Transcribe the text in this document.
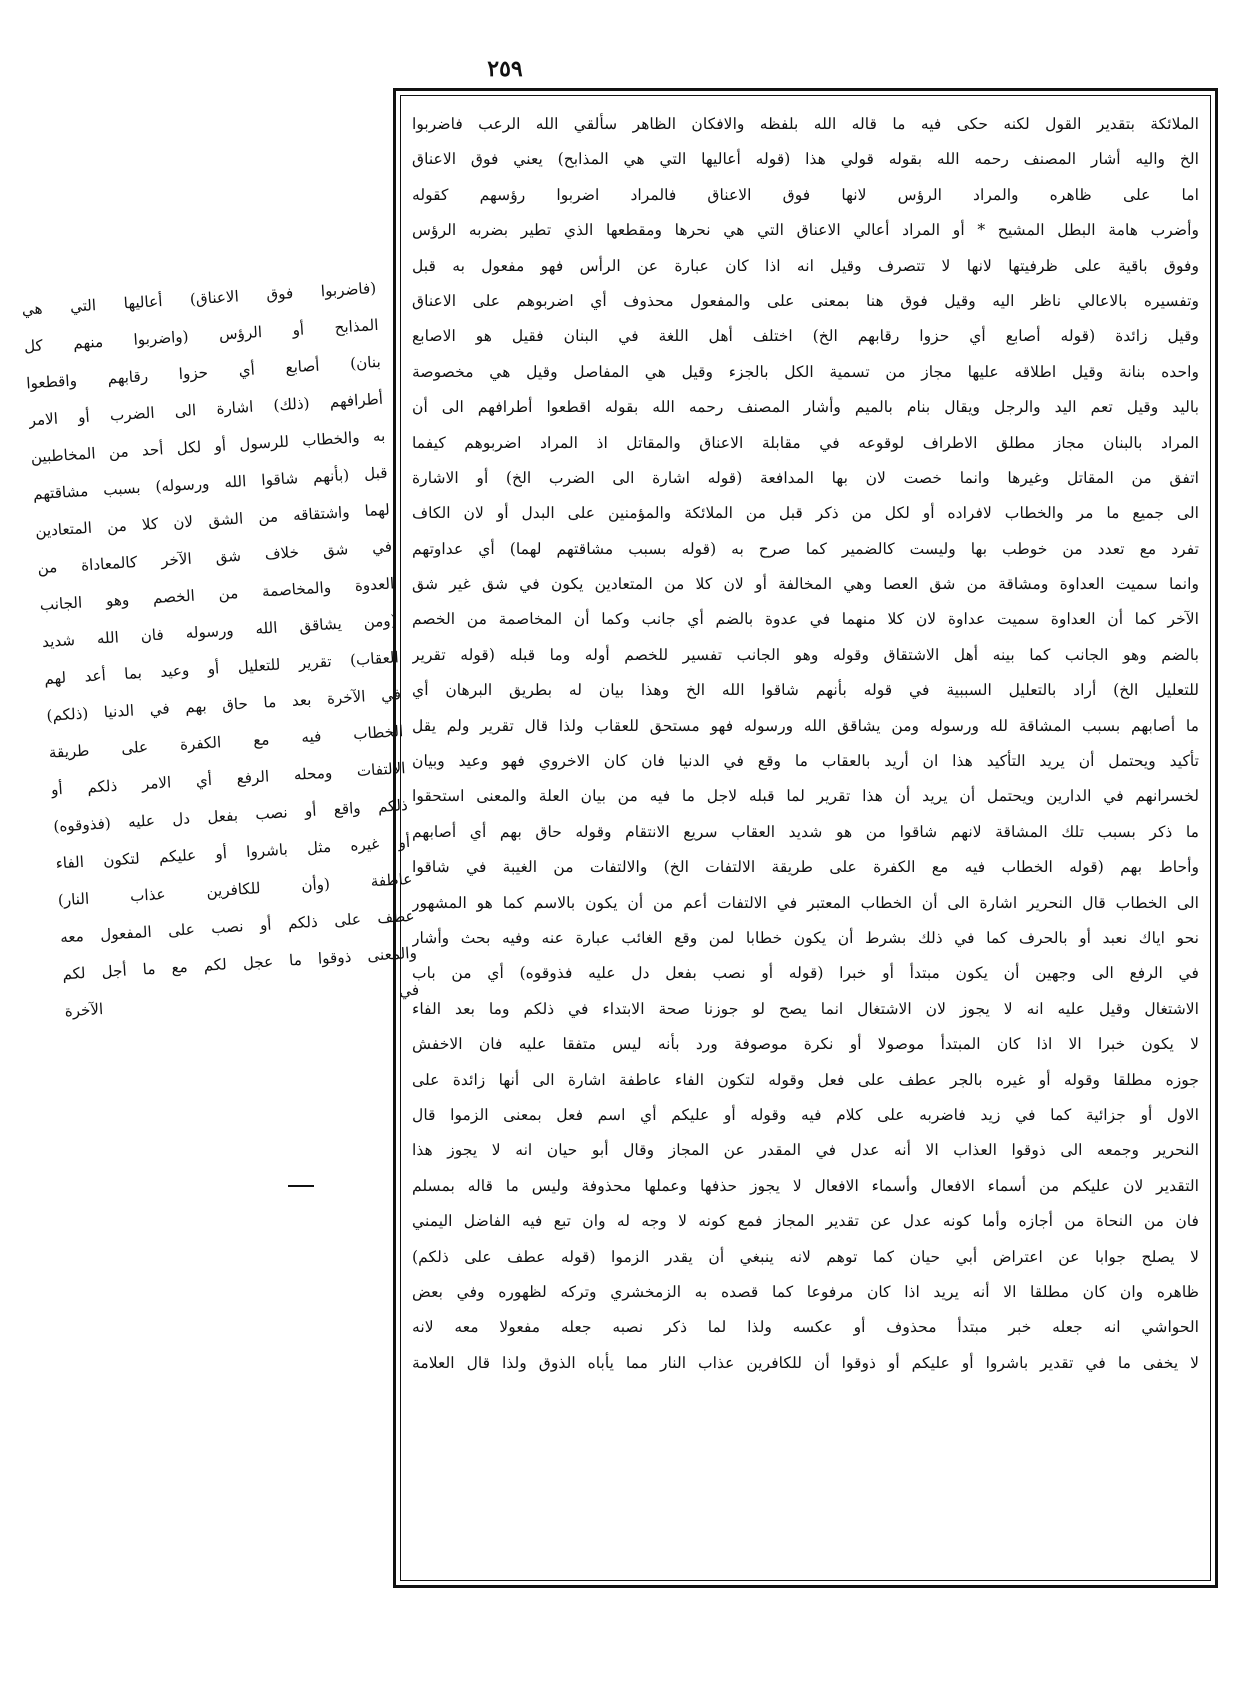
٢٥٩
الملائكة بتقدير القول لكنه حكى فيه ما قاله الله بلفظه والافكان الظاهر سألقي الله الرعب فاضربوا
الخ واليه أشار المصنف رحمه الله بقوله قولي هذا (قوله أعاليها التي هي المذابح) يعني فوق الاعناق
اما على ظاهره والمراد الرؤس لانها فوق الاعناق فالمراد اضربوا رؤسهم كقوله
وأضرب هامة البطل المشيح * أو المراد أعالي الاعناق التي هي نحرها ومقطعها الذي تطير بضربه الرؤس
وفوق باقية على ظرفيتها لانها لا تتصرف وقيل انه اذا كان عبارة عن الرأس فهو مفعول به قبل
وتفسيره بالاعالي ناظر اليه وقيل فوق هنا بمعنى على والمفعول محذوف أي اضربوهم على الاعناق
وقيل زائدة (قوله أصابع أي حزوا رقابهم الخ) اختلف أهل اللغة في البنان فقيل هو الاصابع
واحده بنانة وقيل اطلاقه عليها مجاز من تسمية الكل بالجزء وقيل هي المفاصل وقيل هي مخصوصة
باليد وقيل تعم اليد والرجل ويقال بنام بالميم وأشار المصنف رحمه الله بقوله اقطعوا أطرافهم الى أن
المراد بالبنان مجاز مطلق الاطراف لوقوعه في مقابلة الاعناق والمقاتل اذ المراد اضربوهم كيفما
اتفق من المقاتل وغيرها وانما خصت لان بها المدافعة (قوله اشارة الى الضرب الخ) أو الاشارة
الى جميع ما مر والخطاب لافراده أو لكل من ذكر قبل من الملائكة والمؤمنين على البدل أو لان الكاف
تفرد مع تعدد من خوطب بها وليست كالضمير كما صرح به (قوله بسبب مشاقتهم لهما) أي عداوتهم
وانما سميت العداوة ومشاقة من شق العصا وهي المخالفة أو لان كلا من المتعادين يكون في شق غير شق
الآخر كما أن العداوة سميت عداوة لان كلا منهما في عدوة بالضم أي جانب وكما أن المخاصمة من الخصم
بالضم وهو الجانب كما بينه أهل الاشتقاق وقوله وهو الجانب تفسير للخصم أوله وما قبله (قوله تقرير
للتعليل الخ) أراد بالتعليل السببية في قوله بأنهم شاقوا الله الخ وهذا بيان له بطريق البرهان أي
ما أصابهم بسبب المشاقة لله ورسوله ومن يشاقق الله ورسوله فهو مستحق للعقاب ولذا قال تقرير ولم يقل
تأكيد ويحتمل أن يريد التأكيد هذا ان أريد بالعقاب ما وقع في الدنيا فان كان الاخروي فهو وعيد وبيان
لخسرانهم في الدارين ويحتمل أن يريد أن هذا تقرير لما قبله لاجل ما فيه من بيان العلة والمعنى استحقوا
ما ذكر بسبب تلك المشاقة لانهم شاقوا من هو شديد العقاب سريع الانتقام وقوله حاق بهم أي أصابهم
وأحاط بهم (قوله الخطاب فيه مع الكفرة على طريقة الالتفات الخ) والالتفات من الغيبة في شاقوا
الى الخطاب قال النحرير اشارة الى أن الخطاب المعتبر في الالتفات أعم من أن يكون بالاسم كما هو المشهور
نحو اياك نعبد أو بالحرف كما في ذلك بشرط أن يكون خطابا لمن وقع الغائب عبارة عنه وفيه بحث وأشار
في الرفع الى وجهين أن يكون مبتدأ أو خبرا (قوله أو نصب بفعل دل عليه فذوقوه) أي من باب
الاشتغال وقيل عليه انه لا يجوز لان الاشتغال انما يصح لو جوزنا صحة الابتداء في ذلكم وما بعد الفاء
لا يكون خبرا الا اذا كان المبتدأ موصولا أو نكرة موصوفة ورد بأنه ليس متفقا عليه فان الاخفش
جوزه مطلقا وقوله أو غيره بالجر عطف على فعل وقوله لتكون الفاء عاطفة اشارة الى أنها زائدة على
الاول أو جزائية كما في زيد فاضربه على كلام فيه وقوله أو عليكم أي اسم فعل بمعنى الزموا قال
النحرير وجمعه الى ذوقوا العذاب الا أنه عدل في المقدر عن المجاز وقال أبو حيان انه لا يجوز هذا
التقدير لان عليكم من أسماء الافعال وأسماء الافعال لا يجوز حذفها وعملها محذوفة وليس ما قاله بمسلم
فان من النحاة من أجازه وأما كونه عدل عن تقدير المجاز فمع كونه لا وجه له وان تبع فيه الفاضل اليمني
لا يصلح جوابا عن اعتراض أبي حيان كما توهم لانه ينبغي أن يقدر الزموا (قوله عطف على ذلكم)
ظاهره وان كان مطلقا الا أنه يريد اذا كان مرفوعا كما قصده به الزمخشري وتركه لظهوره وفي بعض
الحواشي انه جعله خبر مبتدأ محذوف أو عكسه ولذا لما ذكر نصبه جعله مفعولا معه لانه
لا يخفى ما في تقدير باشروا أو عليكم أو ذوقوا أن للكافرين عذاب النار مما يأباه الذوق ولذا قال العلامة
(فاضربوا فوق الاعناق) أعاليها التي هي
المذابح أو الرؤس (واضربوا منهم كل
بنان) أصابع أي حزوا رقابهم واقطعوا
أطرافهم (ذلك) اشارة الى الضرب أو الامر
به والخطاب للرسول أو لكل أحد من المخاطبين
قبل (بأنهم شاقوا الله ورسوله) بسبب مشاقتهم
لهما واشتقاقه من الشق لان كلا من المتعادين
في شق خلاف شق الآخر كالمعاداة من
العدوة والمخاصمة من الخصم وهو الجانب
(ومن يشاقق الله ورسوله فان الله شديد
العقاب) تقرير للتعليل أو وعيد بما أعد لهم
في الآخرة بعد ما حاق بهم في الدنيا (ذلكم)
الخطاب فيه مع الكفرة على طريقة
الالتفات ومحله الرفع أي الامر ذلكم أو
ذلكم واقع أو نصب بفعل دل عليه (فذوقوه)
أو غيره مثل باشروا أو عليكم لتكون الفاء
عاطفة (وأن للكافرين عذاب النار)
عطف على ذلكم أو نصب على المفعول معه
والمعنى ذوقوا ما عجل لكم مع ما أجل لكم
في الآخرة
